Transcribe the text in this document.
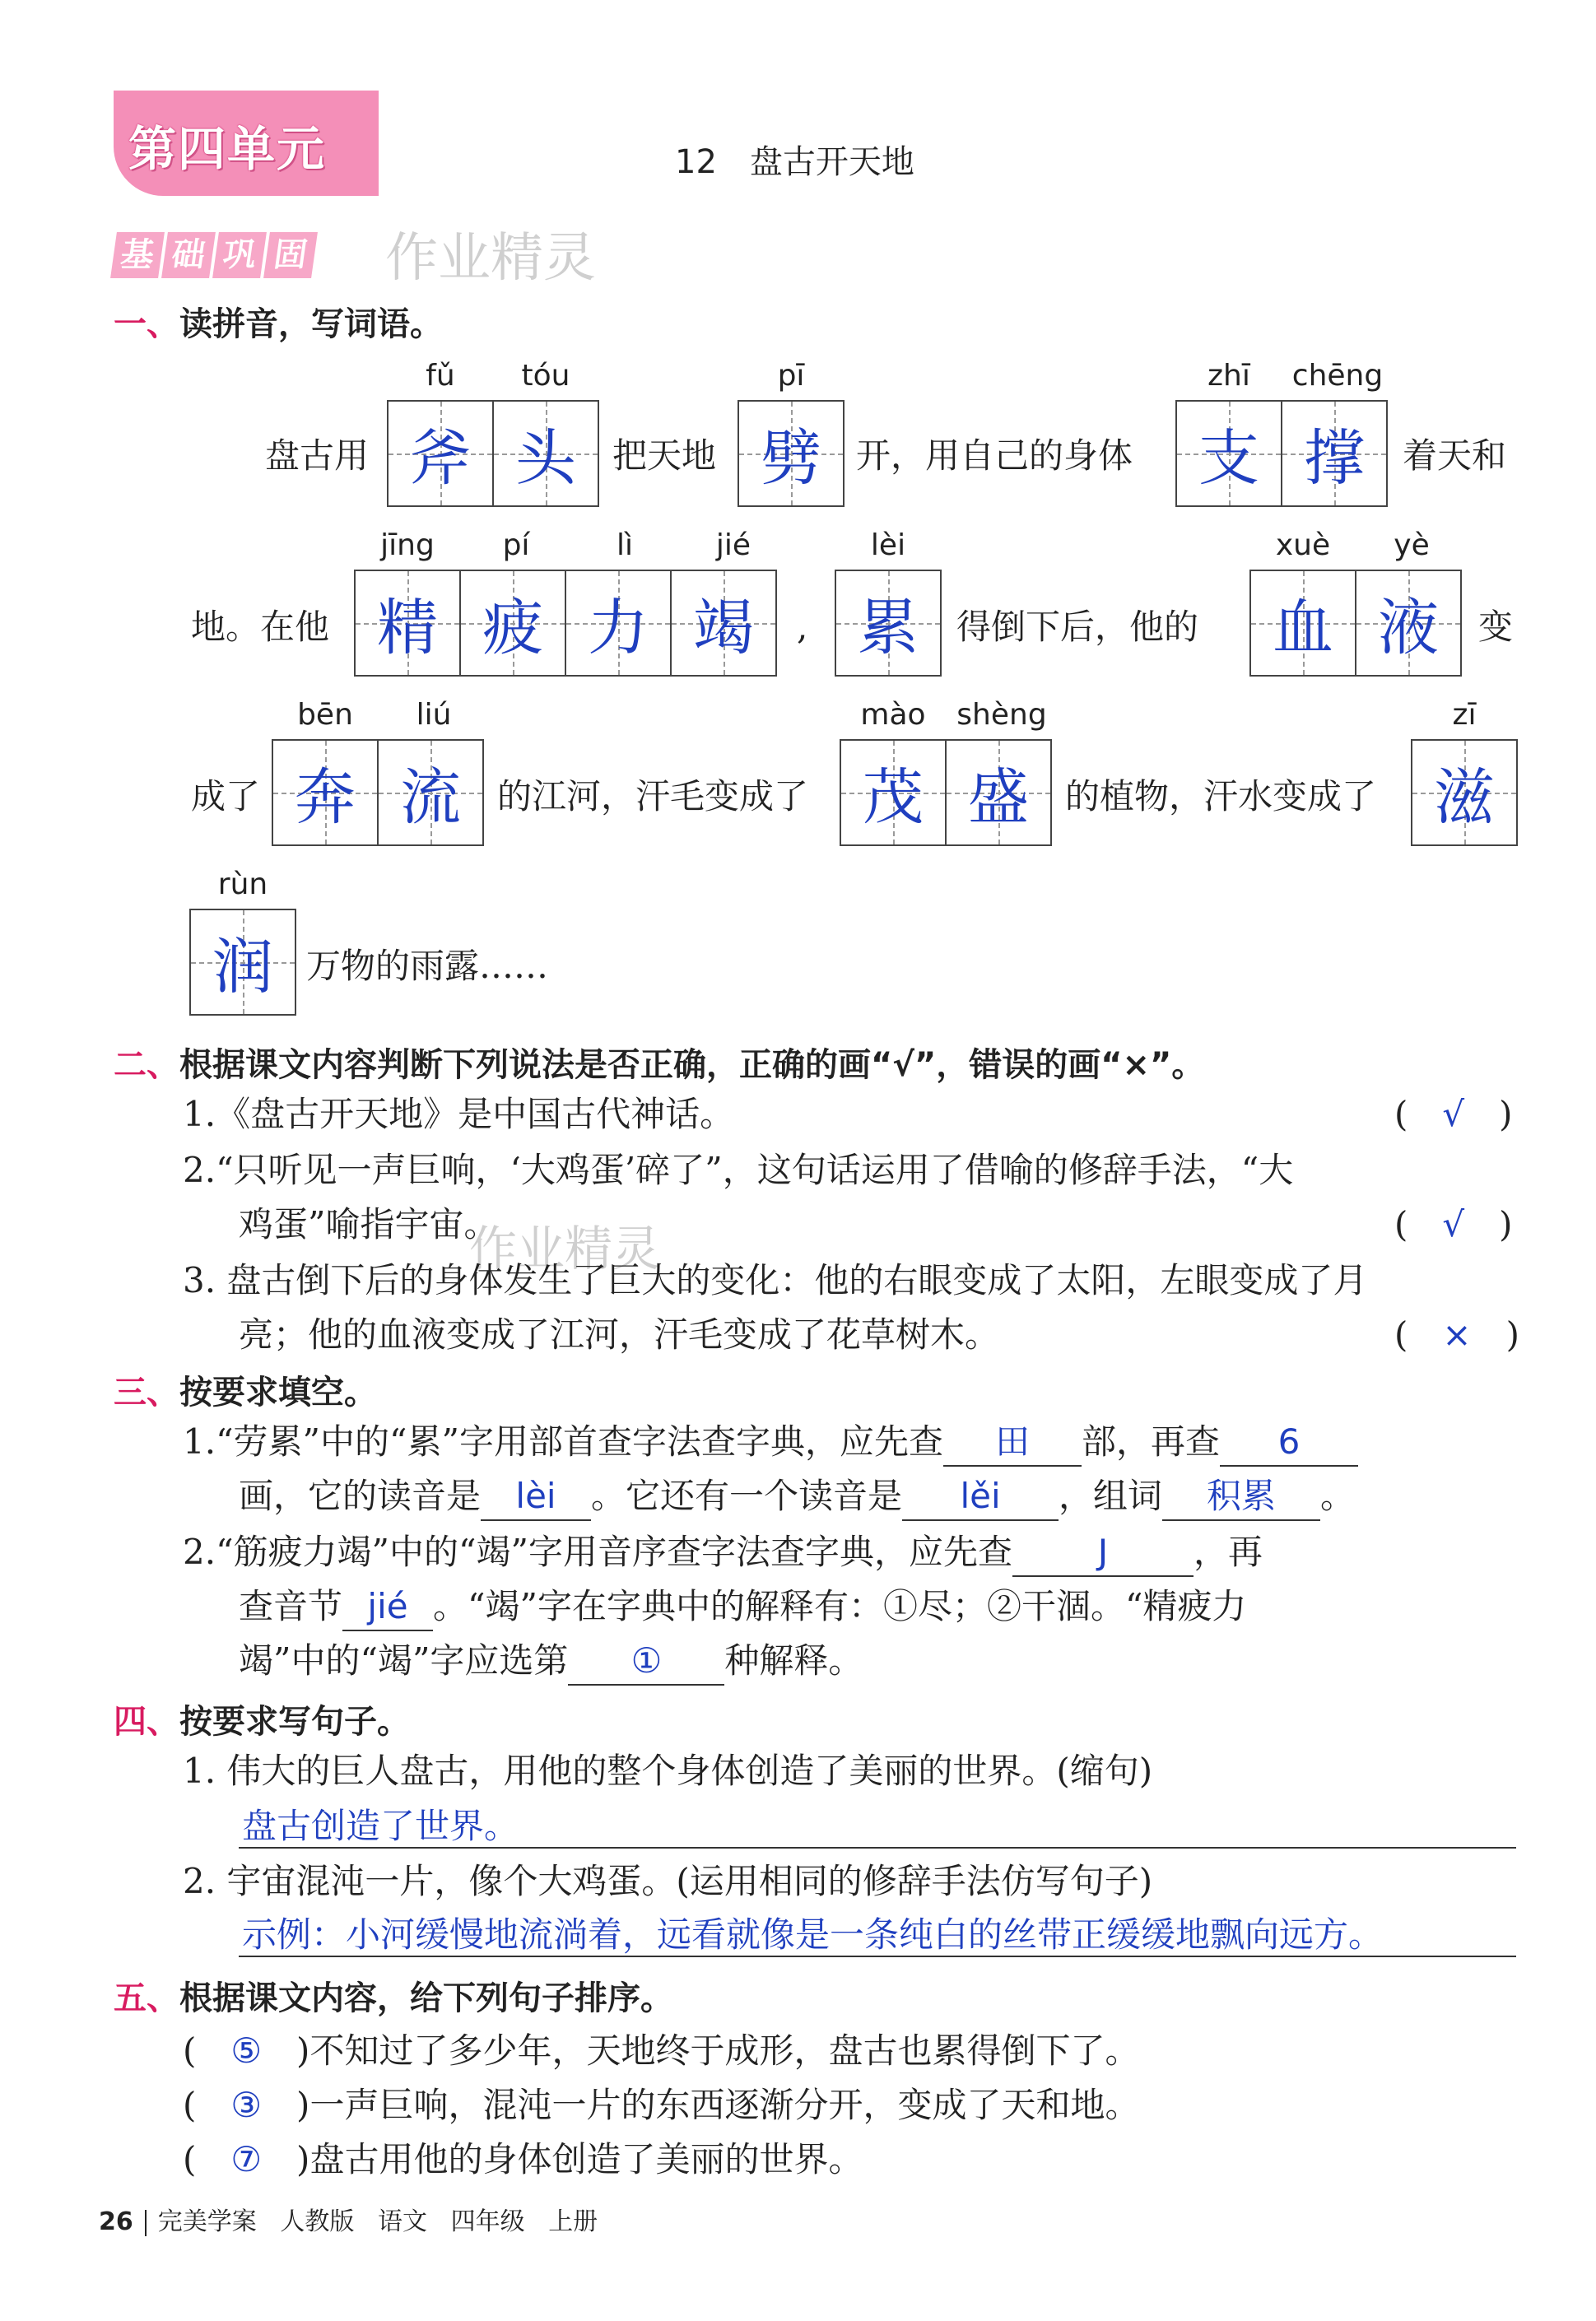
第四单元	12　盘古开天地
基 础 巩 固 作业精灵
一、读拼音，写词语。
fǔ	tóu	pī	zhī	chēng
盘古用 斧 头 把天地 劈 开，用自己的身体 支 撑 着天和
jīng	pí	lì	jié	lèi	xuè	yè
地。在他 精 疲 力 竭 , 累 得倒下后，他的 血 液 变
bēn	liú	mào	shèng	zī
成了 奔 流 的江河，汗毛变成了 茂 盛 的植物，汗水变成了 滋
rùn
润 万物的雨露……
二、根据课文内容判断下列说法是否正确，正确的画“√”，错误的画“×”。
1.《盘古开天地》是中国古代神话。	(　√　)
2.“只听见一声巨响，‘大鸡蛋’碎了”，这句话运用了借喻的修辞手法，“大
鸡蛋”喻指宇宙。	(　√　)
作业精灵
3. 盘古倒下后的身体发生了巨大的变化：他的右眼变成了太阳，左眼变成了月
亮；他的血液变成了江河，汗毛变成了花草树木。	(　×　)
三、按要求填空。
1.“劳累”中的“累”字用部首查字法查字典，应先查 田 部，再查 6
画，它的读音是 lèi 。它还有一个读音是 lěi ，组词 积累 。
2.“筋疲力竭”中的“竭”字用音序查字法查字典，应先查 J ，再
查音节 jié 。“竭”字在字典中的解释有：①尽；②干涸。“精疲力
竭”中的“竭”字应选第 ① 种解释。
四、按要求写句子。
1. 伟大的巨人盘古，用他的整个身体创造了美丽的世界。(缩句)
盘古创造了世界。
2. 宇宙混沌一片，像个大鸡蛋。(运用相同的修辞手法仿写句子)
示例：小河缓慢地流淌着，远看就像是一条纯白的丝带正缓缓地飘向远方。
五、根据课文内容，给下列句子排序。
(　⑤　)不知过了多少年，天地终于成形，盘古也累得倒下了。
(　③　)一声巨响，混沌一片的东西逐渐分开，变成了天和地。
(　⑦　)盘古用他的身体创造了美丽的世界。
26 完美学案 人教版 语文 四年级 上册
